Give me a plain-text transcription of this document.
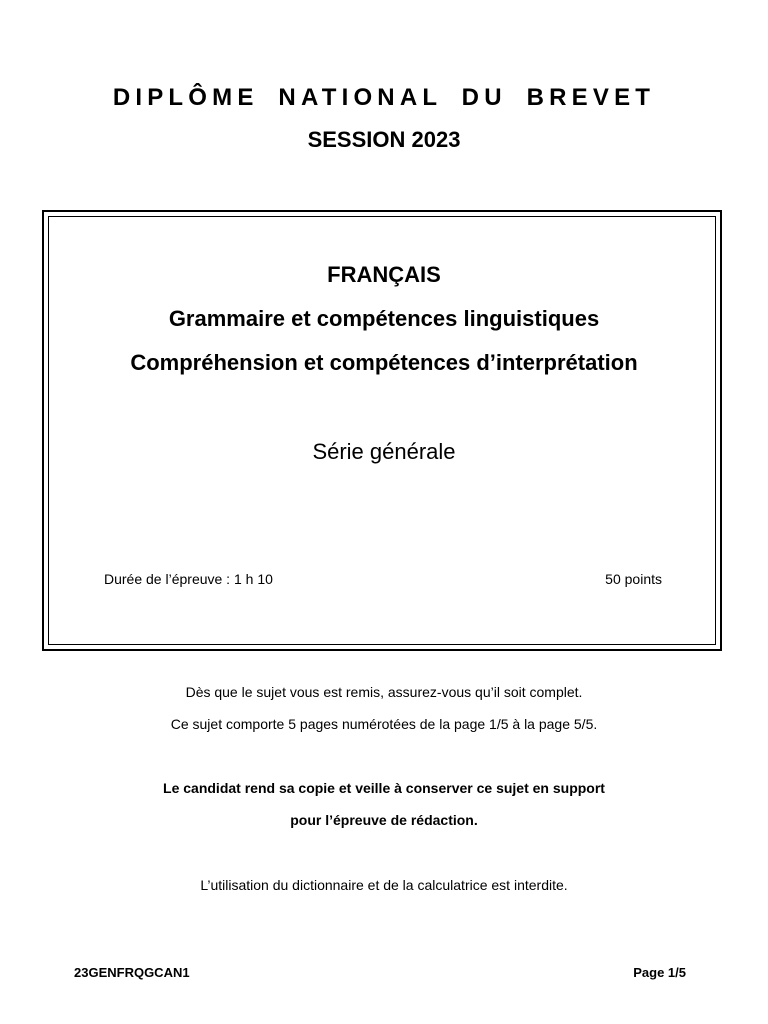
DIPLÔME NATIONAL DU BREVET
SESSION 2023
FRANÇAIS
Grammaire et compétences linguistiques
Compréhension et compétences d’interprétation
Série générale
Durée de l’épreuve : 1 h 10	50 points
Dès que le sujet vous est remis, assurez-vous qu’il soit complet.
Ce sujet comporte 5 pages numérotées de la page 1/5 à la page 5/5.
Le candidat rend sa copie et veille à conserver ce sujet en support
pour l’épreuve de rédaction.
L’utilisation du dictionnaire et de la calculatrice est interdite.
23GENFRQGCAN1	Page 1/5
